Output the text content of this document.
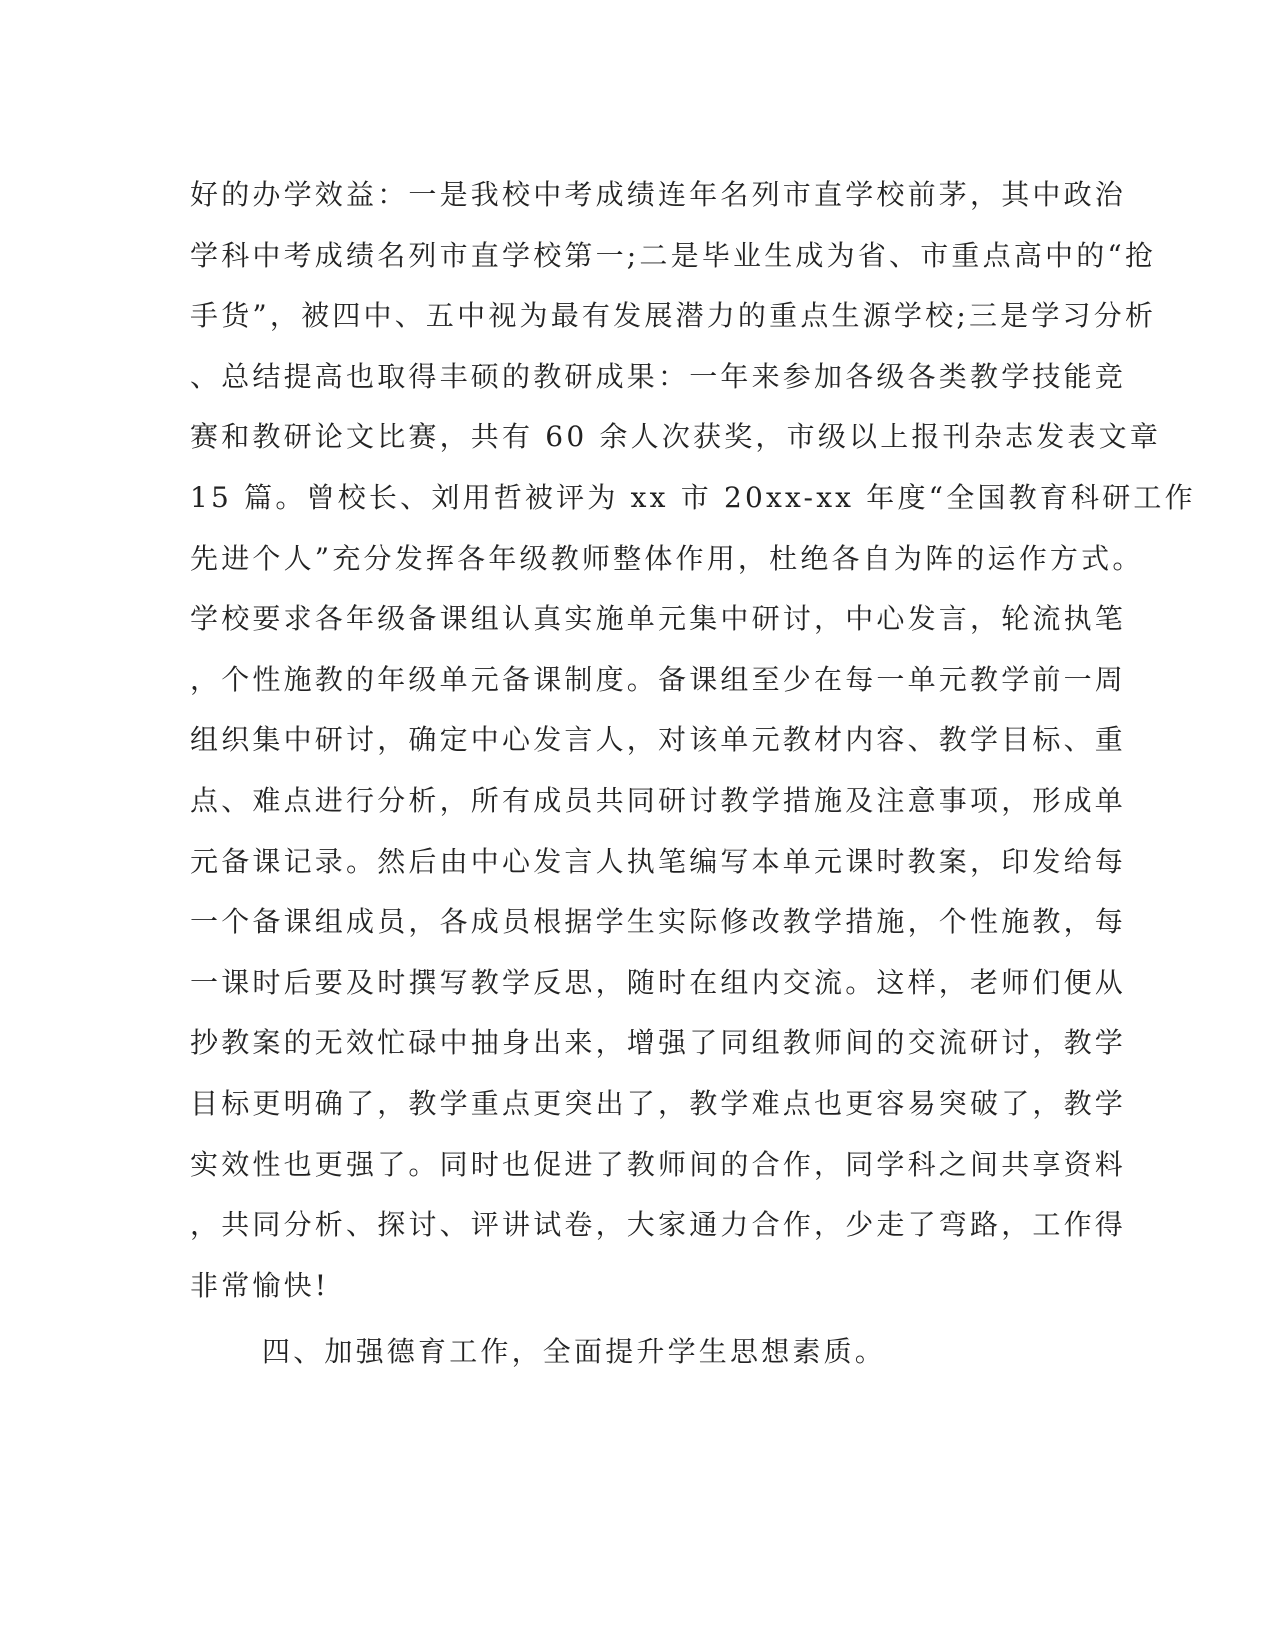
好的办学效益：一是我校中考成绩连年名列市直学校前茅，其中政治
学科中考成绩名列市直学校第一;二是毕业生成为省、市重点高中的“抢
手货”，被四中、五中视为最有发展潜力的重点生源学校;三是学习分析
、总结提高也取得丰硕的教研成果：一年来参加各级各类教学技能竞
赛和教研论文比赛，共有 60 余人次获奖，市级以上报刊杂志发表文章
15 篇。曾校长、刘用哲被评为 xx 市 20xx-xx 年度“全国教育科研工作
先进个人”充分发挥各年级教师整体作用，杜绝各自为阵的运作方式。
学校要求各年级备课组认真实施单元集中研讨，中心发言，轮流执笔
，个性施教的年级单元备课制度。备课组至少在每一单元教学前一周
组织集中研讨，确定中心发言人，对该单元教材内容、教学目标、重
点、难点进行分析，所有成员共同研讨教学措施及注意事项，形成单
元备课记录。然后由中心发言人执笔编写本单元课时教案，印发给每
一个备课组成员，各成员根据学生实际修改教学措施，个性施教，每
一课时后要及时撰写教学反思，随时在组内交流。这样，老师们便从
抄教案的无效忙碌中抽身出来，增强了同组教师间的交流研讨，教学
目标更明确了，教学重点更突出了，教学难点也更容易突破了，教学
实效性也更强了。同时也促进了教师间的合作，同学科之间共享资料
，共同分析、探讨、评讲试卷，大家通力合作，少走了弯路，工作得
非常愉快!
四、加强德育工作，全面提升学生思想素质。
